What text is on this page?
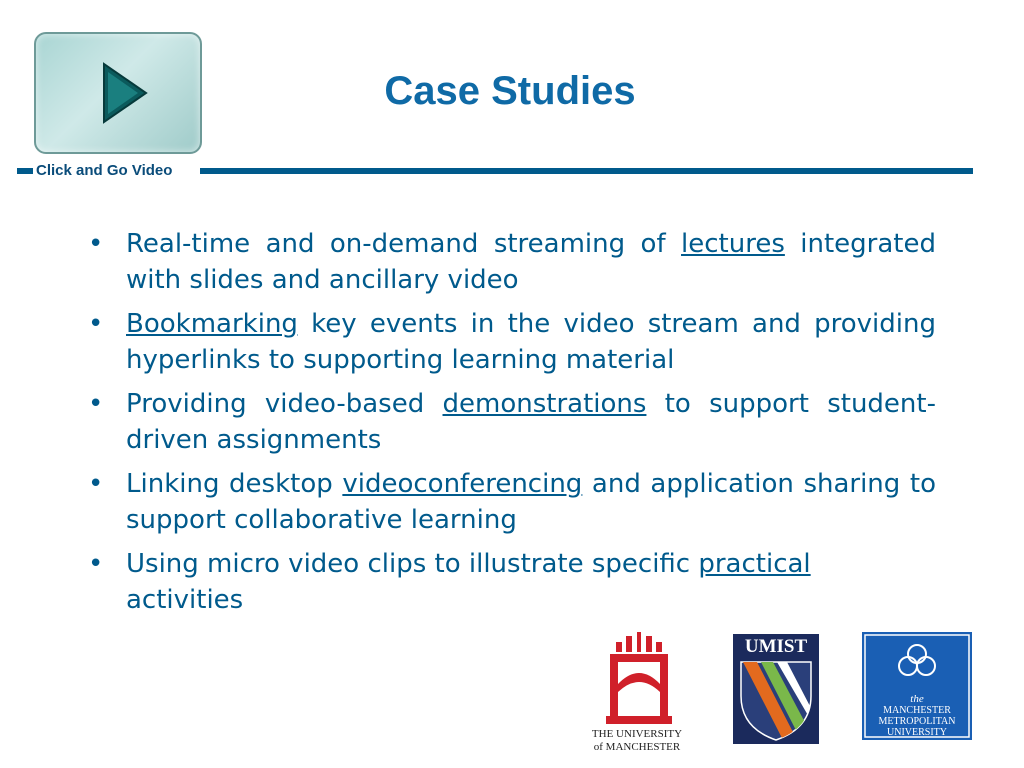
Click and Go Video
Case Studies
• Real-time and on-demand streaming of lectures integrated with slides and ancillary video
• Bookmarking key events in the video stream and providing hyperlinks to supporting learning material
• Providing video-based demonstrations to support student-driven assignments
• Linking desktop videoconferencing and application sharing to support collaborative learning
• Using micro video clips to illustrate specific practical activities
THE UNIVERSITY
of MANCHESTER
UMIST
the
MANCHESTER
METROPOLITAN
UNIVERSITY
